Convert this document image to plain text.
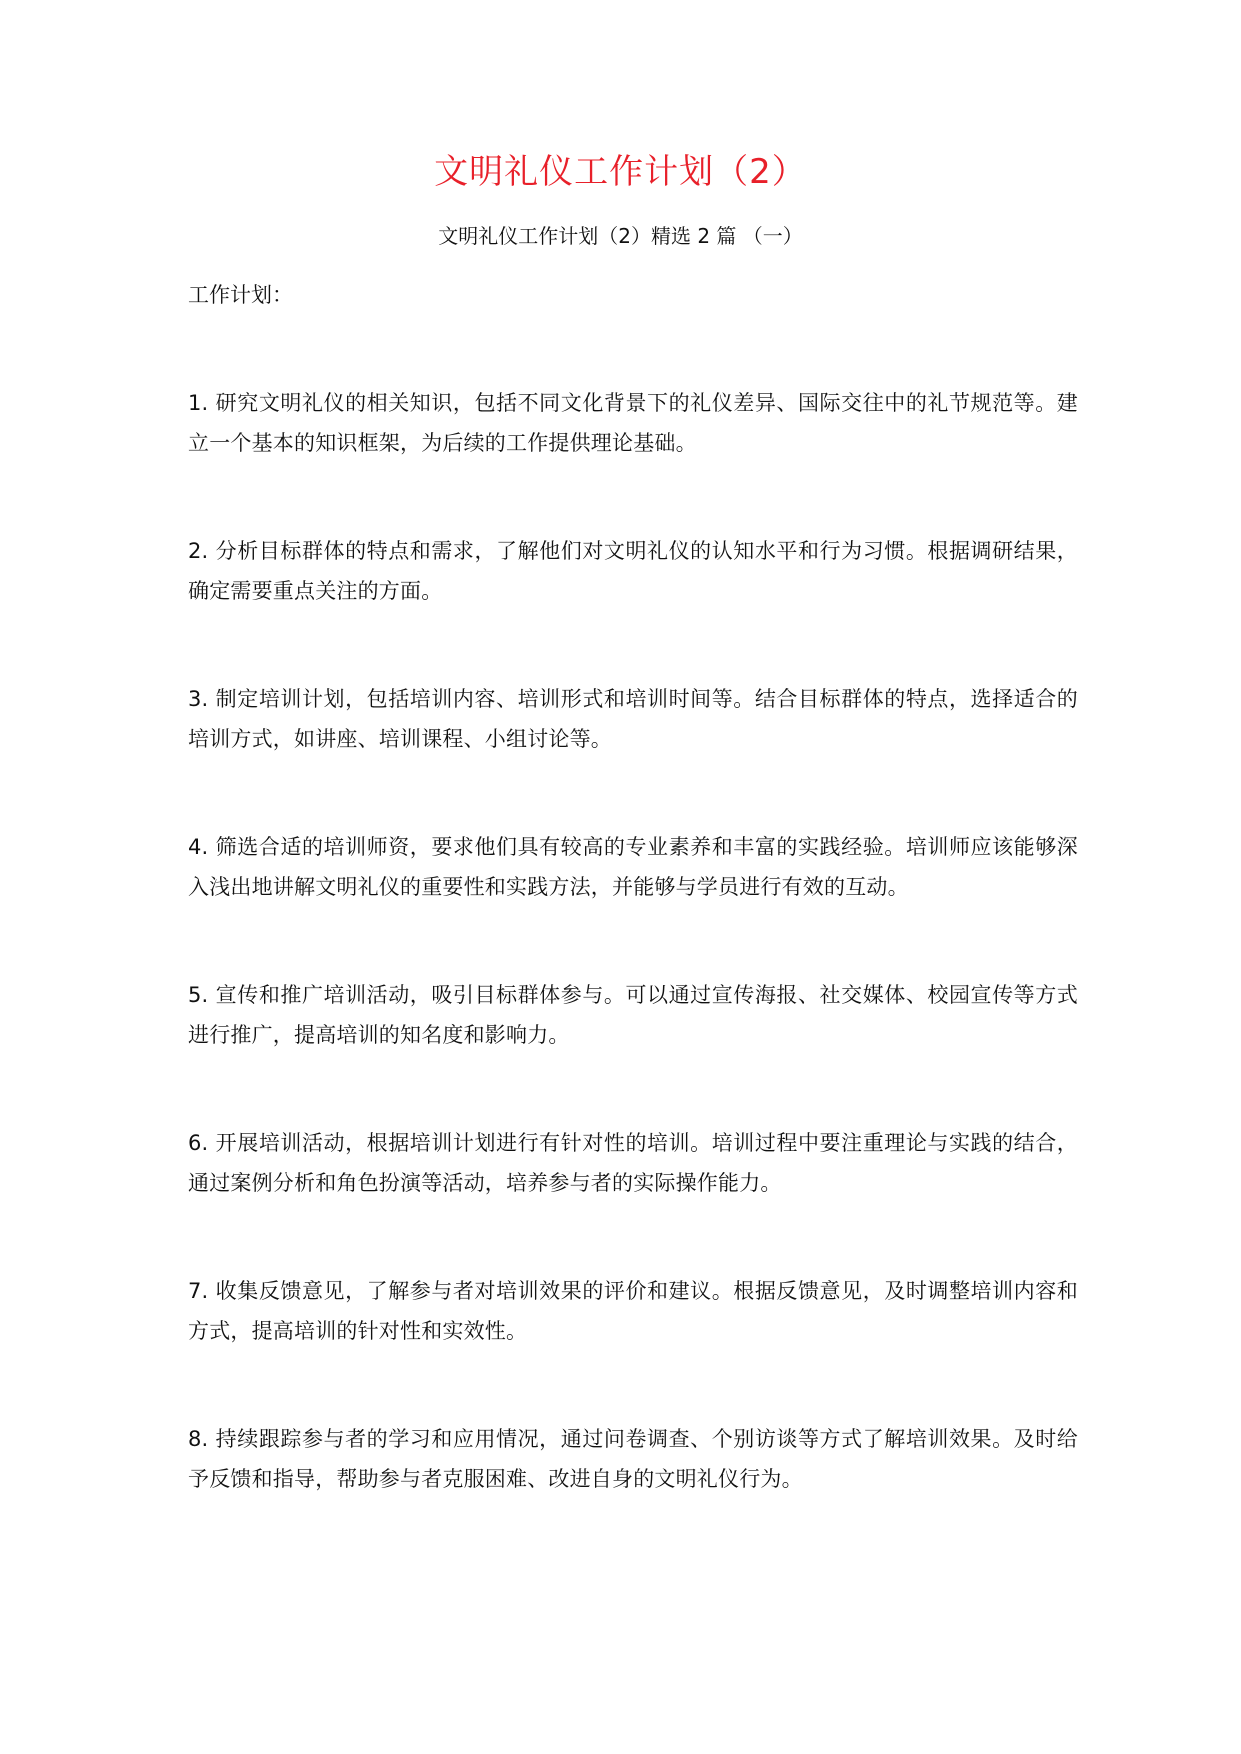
文明礼仪工作计划（2）

文明礼仪工作计划（2）精选 2 篇 （一）

工作计划：

1. 研究文明礼仪的相关知识，包括不同文化背景下的礼仪差异、国际交往中的礼节规范等。建立一个基本的知识框架，为后续的工作提供理论基础。

2. 分析目标群体的特点和需求，了解他们对文明礼仪的认知水平和行为习惯。根据调研结果，确定需要重点关注的方面。

3. 制定培训计划，包括培训内容、培训形式和培训时间等。结合目标群体的特点，选择适合的培训方式，如讲座、培训课程、小组讨论等。

4. 筛选合适的培训师资，要求他们具有较高的专业素养和丰富的实践经验。培训师应该能够深入浅出地讲解文明礼仪的重要性和实践方法，并能够与学员进行有效的互动。

5. 宣传和推广培训活动，吸引目标群体参与。可以通过宣传海报、社交媒体、校园宣传等方式进行推广，提高培训的知名度和影响力。

6. 开展培训活动，根据培训计划进行有针对性的培训。培训过程中要注重理论与实践的结合，通过案例分析和角色扮演等活动，培养参与者的实际操作能力。

7. 收集反馈意见，了解参与者对培训效果的评价和建议。根据反馈意见，及时调整培训内容和方式，提高培训的针对性和实效性。

8. 持续跟踪参与者的学习和应用情况，通过问卷调查、个别访谈等方式了解培训效果。及时给予反馈和指导，帮助参与者克服困难、改进自身的文明礼仪行为。
